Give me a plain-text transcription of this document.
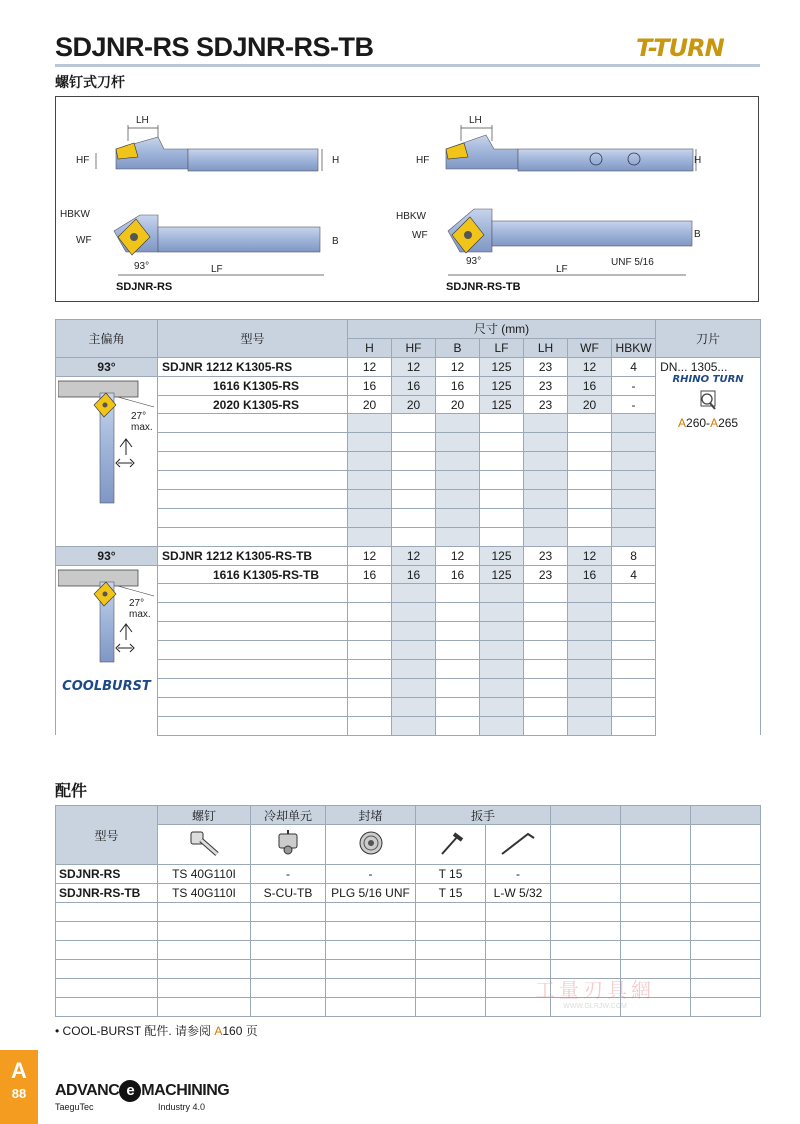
SDJNR-RS SDJNR-RS-TB	T-TURN
螺钉式刀杆
LH
H
HF
HBKW
WF	B
93°	LF
SDJNR-RS
LH
H
HF
HBKW
WF	B
93°
LF
UNF 5/16
SDJNR-RS-TB
主偏角	型号	尺寸 (mm)							刀片
		H	HF	B	LF	LH	WF	HBKW	
93°	SDJNR 1212 K1305-RS	12	12	12	125	23	12	4	DN... 1305...
RHINO TURN
A260-A265

27°
max.	1616 K1305-RS	16	16	16	125	23	16	-	
	2020 K1305-RS	20	20	20	125	23	20	-	

93°	SDJNR 1212 K1305-RS-TB	12	12	12	125	23	12	8	

27°
max.
COOLBURST	1616 K1305-RS-TB	16	16	16	125	23	16	4	

配件
型号	螺钉	冷却单元	封堵	扳手				

SDJNR-RS	TS 40G110I	-	-	T 15	-			
SDJNR-RS-TB	TS 40G110I	S-CU-TB	PLG 5/16 UNF	T 15	L-W 5/32			

工量刃具網
WWW.GLRJW.COM
• COOL-BURST 配件. 请参阅 A160 页
A
88	ADVANC e MACHINING
TaeguTec	Industry 4.0
